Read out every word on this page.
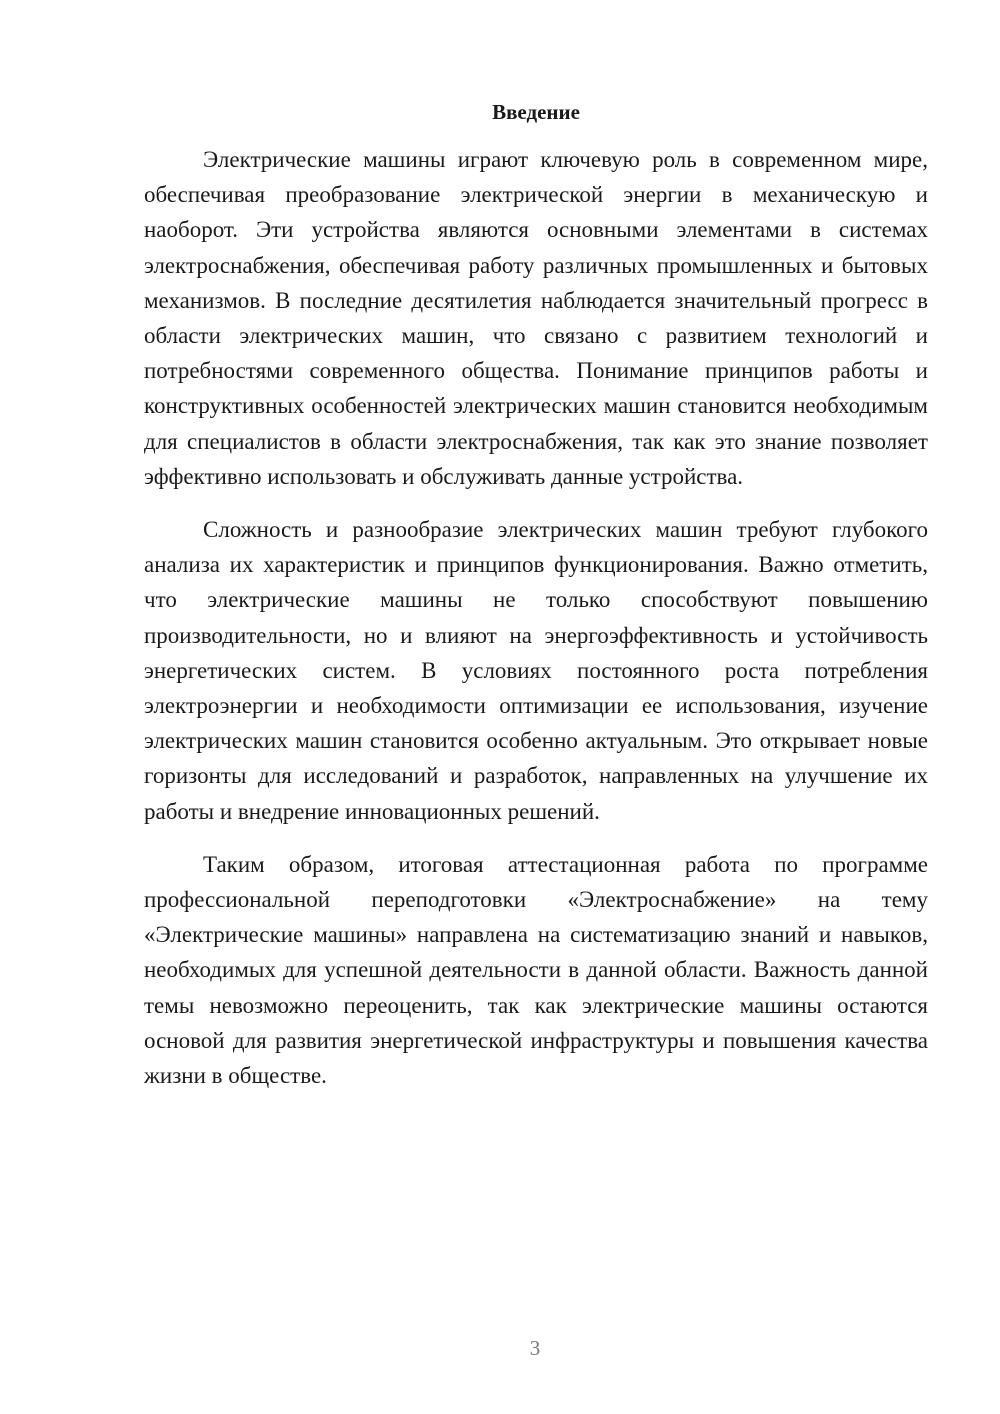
Введение

Электрические машины играют ключевую роль в современном мире, обеспечивая преобразование электрической энергии в механическую и наоборот. Эти устройства являются основными элементами в системах электроснабжения, обеспечивая работу различных промышленных и бытовых механизмов. В последние десятилетия наблюдается значительный прогресс в области электрических машин, что связано с развитием технологий и потребностями современного общества. Понимание принципов работы и конструктивных особенностей электрических машин становится необходимым для специалистов в области электроснабжения, так как это знание позволяет эффективно использовать и обслуживать данные устройства.

Сложность и разнообразие электрических машин требуют глубокого анализа их характеристик и принципов функционирования. Важно отметить, что электрические машины не только способствуют повышению производительности, но и влияют на энергоэффективность и устойчивость энергетических систем. В условиях постоянного роста потребления электроэнергии и необходимости оптимизации ее использования, изучение электрических машин становится особенно актуальным. Это открывает новые горизонты для исследований и разработок, направленных на улучшение их работы и внедрение инновационных решений.

Таким образом, итоговая аттестационная работа по программе профессиональной переподготовки «Электроснабжение» на тему «Электрические машины» направлена на систематизацию знаний и навыков, необходимых для успешной деятельности в данной области. Важность данной темы невозможно переоценить, так как электрические машины остаются основой для развития энергетической инфраструктуры и повышения качества жизни в обществе.

3
